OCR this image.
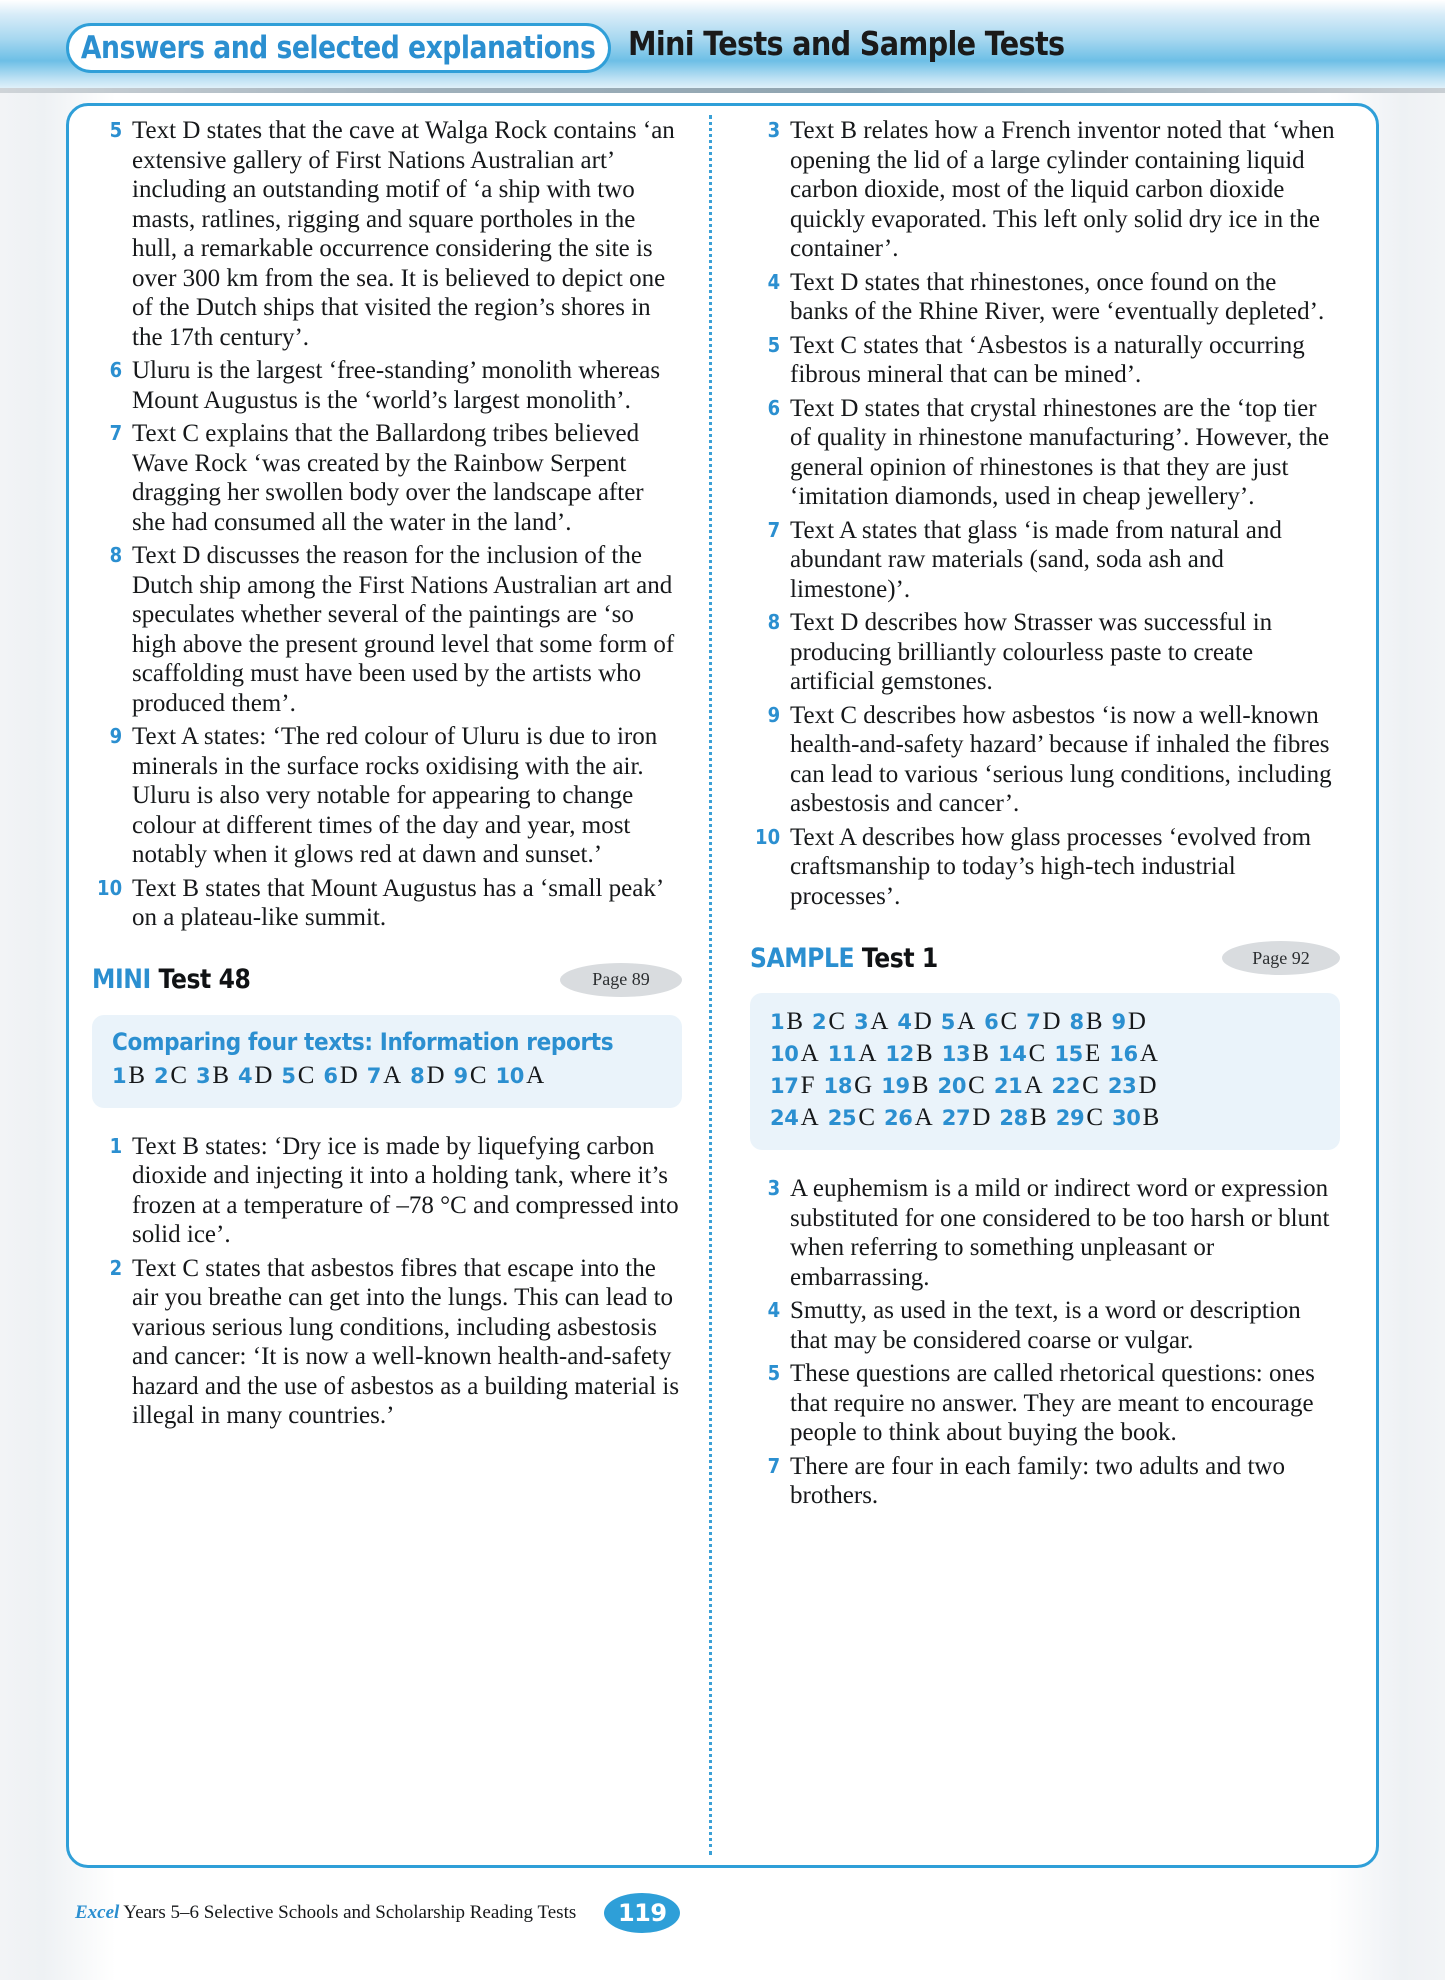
Answers and selected explanations Mini Tests and Sample Tests
5 Text D states that the cave at Walga Rock contains ‘an extensive gallery of First Nations Australian art’ including an outstanding motif of ‘a ship with two masts, ratlines, rigging and square portholes in the hull, a remarkable occurrence considering the site is over 300 km from the sea. It is believed to depict one of the Dutch ships that visited the region’s shores in the 17th century’.
6 Uluru is the largest ‘free-standing’ monolith whereas Mount Augustus is the ‘world’s largest monolith’.
7 Text C explains that the Ballardong tribes believed Wave Rock ‘was created by the Rainbow Serpent dragging her swollen body over the landscape after she had consumed all the water in the land’.
8 Text D discusses the reason for the inclusion of the Dutch ship among the First Nations Australian art and speculates whether several of the paintings are ‘so high above the present ground level that some form of scaffolding must have been used by the artists who produced them’.
9 Text A states: ‘The red colour of Uluru is due to iron minerals in the surface rocks oxidising with the air. Uluru is also very notable for appearing to change colour at different times of the day and year, most notably when it glows red at dawn and sunset.’
10 Text B states that Mount Augustus has a ‘small peak’ on a plateau-like summit.
MINI Test 48	Page 89
Comparing four texts: Information reports
1B 2C 3B 4D 5C 6D 7A 8D 9C 10A
1 Text B states: ‘Dry ice is made by liquefying carbon dioxide and injecting it into a holding tank, where it’s frozen at a temperature of –78 °C and compressed into solid ice’.
2 Text C states that asbestos fibres that escape into the air you breathe can get into the lungs. This can lead to various serious lung conditions, including asbestosis and cancer: ‘It is now a well-known health-and-safety hazard and the use of asbestos as a building material is illegal in many countries.’
3 Text B relates how a French inventor noted that ‘when opening the lid of a large cylinder containing liquid carbon dioxide, most of the liquid carbon dioxide quickly evaporated. This left only solid dry ice in the container’.
4 Text D states that rhinestones, once found on the banks of the Rhine River, were ‘eventually depleted’.
5 Text C states that ‘Asbestos is a naturally occurring fibrous mineral that can be mined’.
6 Text D states that crystal rhinestones are the ‘top tier of quality in rhinestone manufacturing’. However, the general opinion of rhinestones is that they are just ‘imitation diamonds, used in cheap jewellery’.
7 Text A states that glass ‘is made from natural and abundant raw materials (sand, soda ash and limestone)’.
8 Text D describes how Strasser was successful in producing brilliantly colourless paste to create artificial gemstones.
9 Text C describes how asbestos ‘is now a well-known health-and-safety hazard’ because if inhaled the fibres can lead to various ‘serious lung conditions, including asbestosis and cancer’.
10 Text A describes how glass processes ‘evolved from craftsmanship to today’s high-tech industrial processes’.
SAMPLE Test 1	Page 92
1B 2C 3A 4D 5A 6C 7D 8B 9D
10A 11A 12B 13B 14C 15E 16A
17F 18G 19B 20C 21A 22C 23D
24A 25C 26A 27D 28B 29C 30B
3 A euphemism is a mild or indirect word or expression substituted for one considered to be too harsh or blunt when referring to something unpleasant or embarrassing.
4 Smutty, as used in the text, is a word or description that may be considered coarse or vulgar.
5 These questions are called rhetorical questions: ones that require no answer. They are meant to encourage people to think about buying the book.
7 There are four in each family: two adults and two brothers.
Excel Years 5–6 Selective Schools and Scholarship Reading Tests	119
